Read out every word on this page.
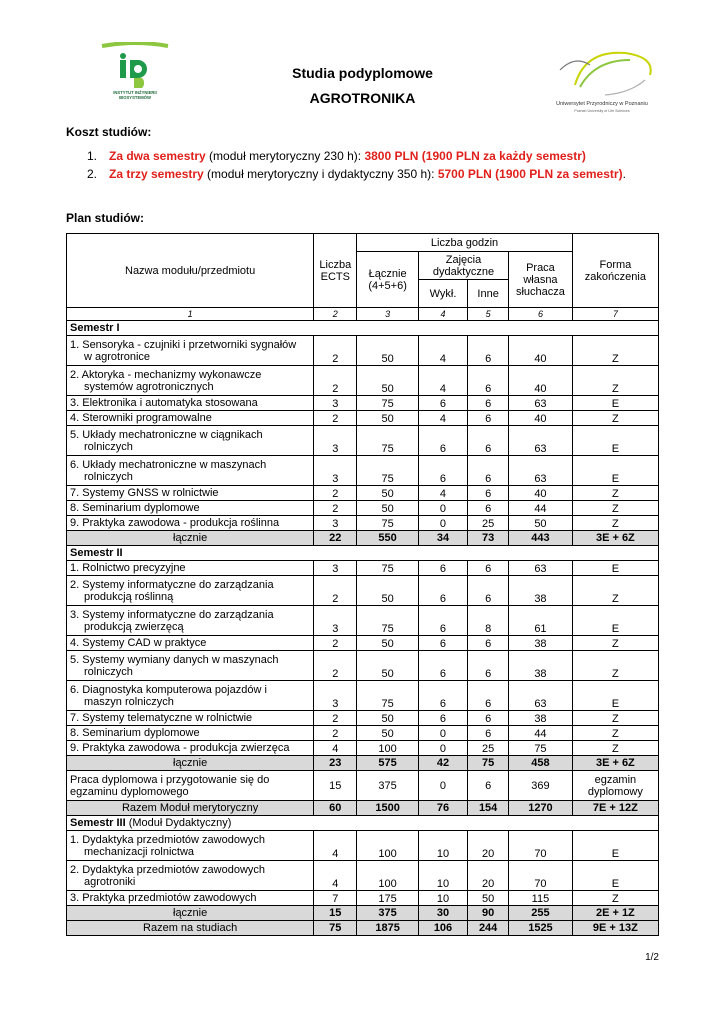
INSTYTUT INŻYNIERII
BIOSYSTEMÓW
Uniwersytet Przyrodniczy w Poznaniu
Poznań University of Life Sciences
Studia podyplomowe
AGROTRONIKA
Koszt studiów:
1. Za dwa semestry (moduł merytoryczny 230 h): 3800 PLN (1900 PLN za każdy semestr)
2. Za trzy semestry (moduł merytoryczny i dydaktyczny 350 h): 5700 PLN (1900 PLN za semestr).
Plan studiów:
Nazwa modułu/przedmiotu	Liczba ECTS	Liczba godzin				Forma zakończenia
		Łącznie (4+5+6)	Zajęcia dydaktyczne		Praca własna słuchacza	
			Wykł.	Inne		
1	2	3	4	5	6	7
Semestr I						
1. Sensoryka - czujniki i przetworniki sygnałów
w agrotronice	2	50	4	6	40	Z
2. Aktoryka - mechanizmy wykonawcze
systemów agrotronicznych	2	50	4	6	40	Z
3. Elektronika i automatyka stosowana	3	75	6	6	63	E
4. Sterowniki programowalne	2	50	4	6	40	Z
5. Układy mechatroniczne w ciągnikach
rolniczych	3	75	6	6	63	E
6. Układy mechatroniczne w maszynach
rolniczych	3	75	6	6	63	E
7. Systemy GNSS w rolnictwie	2	50	4	6	40	Z
8. Seminarium dyplomowe	2	50	0	6	44	Z
9. Praktyka zawodowa - produkcja roślinna	3	75	0	25	50	Z
łącznie	22	550	34	73	443	3E + 6Z
Semestr II						
1. Rolnictwo precyzyjne	3	75	6	6	63	E
2. Systemy informatyczne do zarządzania
produkcją roślinną	2	50	6	6	38	Z
3. Systemy informatyczne do zarządzania
produkcją zwierzęcą	3	75	6	8	61	E
4. Systemy CAD w praktyce	2	50	6	6	38	Z
5. Systemy wymiany danych w maszynach
rolniczych	2	50	6	6	38	Z
6. Diagnostyka komputerowa pojazdów i
maszyn rolniczych	3	75	6	6	63	E
7. Systemy telematyczne w rolnictwie	2	50	6	6	38	Z
8. Seminarium dyplomowe	2	50	0	6	44	Z
9. Praktyka zawodowa - produkcja zwierzęca	4	100	0	25	75	Z
łącznie	23	575	42	75	458	3E + 6Z
Praca dyplomowa i przygotowanie się do
egzaminu dyplomowego	15	375	0	6	369	egzamin
dyplomowy
Razem Moduł merytoryczny	60	1500	76	154	1270	7E + 12Z
Semestr III (Moduł Dydaktyczny)						
1. Dydaktyka przedmiotów zawodowych
mechanizacji rolnictwa	4	100	10	20	70	E
2. Dydaktyka przedmiotów zawodowych
agrotroniki	4	100	10	20	70	E
3. Praktyka przedmiotów zawodowych	7	175	10	50	115	Z
łącznie	15	375	30	90	255	2E + 1Z
Razem na studiach	75	1875	106	244	1525	9E + 13Z
1/2
